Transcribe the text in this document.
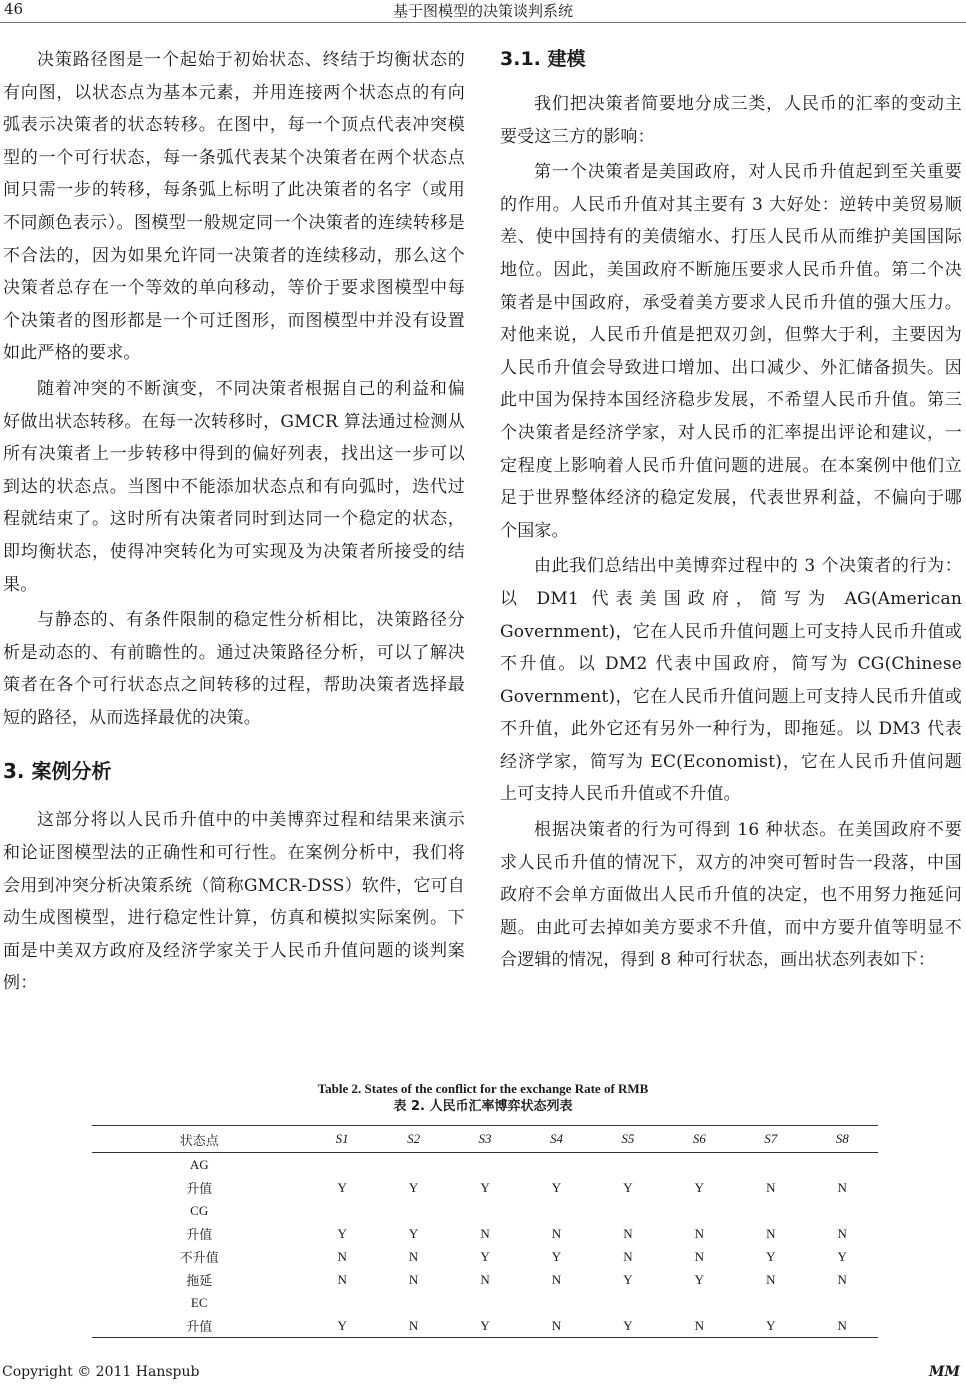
46	基于图模型的决策谈判系统

决策路径图是一个起始于初始状态、终结于均衡状态的有向图，以状态点为基本元素，并用连接两个状态点的有向弧表示决策者的状态转移。在图中，每一个顶点代表冲突模型的一个可行状态，每一条弧代表某个决策者在两个状态点间只需一步的转移，每条弧上标明了此决策者的名字（或用不同颜色表示）。图模型一般规定同一个决策者的连续转移是不合法的，因为如果允许同一决策者的连续移动，那么这个决策者总存在一个等效的单向移动，等价于要求图模型中每个决策者的图形都是一个可迁图形，而图模型中并没有设置如此严格的要求。

随着冲突的不断演变，不同决策者根据自己的利益和偏好做出状态转移。在每一次转移时，GMCR 算法通过检测从所有决策者上一步转移中得到的偏好列表，找出这一步可以到达的状态点。当图中不能添加状态点和有向弧时，迭代过程就结束了。这时所有决策者同时到达同一个稳定的状态，即均衡状态，使得冲突转化为可实现及为决策者所接受的结果。

与静态的、有条件限制的稳定性分析相比，决策路径分析是动态的、有前瞻性的。通过决策路径分析，可以了解决策者在各个可行状态点之间转移的过程，帮助决策者选择最短的路径，从而选择最优的决策。

3. 案例分析

这部分将以人民币升值中的中美博弈过程和结果来演示和论证图模型法的正确性和可行性。在案例分析中，我们将会用到冲突分析决策系统（简称GMCR-DSS）软件，它可自动生成图模型，进行稳定性计算，仿真和模拟实际案例。下面是中美双方政府及经济学家关于人民币升值问题的谈判案例：

3.1. 建模

我们把决策者简要地分成三类，人民币的汇率的变动主要受这三方的影响：

第一个决策者是美国政府，对人民币升值起到至关重要的作用。人民币升值对其主要有 3 大好处：逆转中美贸易顺差、使中国持有的美债缩水、打压人民币从而维护美国国际地位。因此，美国政府不断施压要求人民币升值。第二个决策者是中国政府，承受着美方要求人民币升值的强大压力。对他来说，人民币升值是把双刃剑，但弊大于利，主要因为人民币升值会导致进口增加、出口减少、外汇储备损失。因此中国为保持本国经济稳步发展，不希望人民币升值。第三个决策者是经济学家，对人民币的汇率提出评论和建议，一定程度上影响着人民币升值问题的进展。在本案例中他们立足于世界整体经济的稳定发展，代表世界利益，不偏向于哪个国家。

由此我们总结出中美博弈过程中的 3 个决策者的行为：以 DM1 代表美国政府，简写为 AG(American Government)，它在人民币升值问题上可支持人民币升值或不升值。以 DM2 代表中国政府，简写为 CG(Chinese Government)，它在人民币升值问题上可支持人民币升值或不升值，此外它还有另外一种行为，即拖延。以 DM3 代表经济学家，简写为 EC(Economist)，它在人民币升值问题上可支持人民币升值或不升值。

根据决策者的行为可得到 16 种状态。在美国政府不要求人民币升值的情况下，双方的冲突可暂时告一段落，中国政府不会单方面做出人民币升值的决定，也不用努力拖延问题。由此可去掉如美方要求不升值，而中方要升值等明显不合逻辑的情况，得到 8 种可行状态，画出状态列表如下：

Table 2. States of the conflict for the exchange Rate of RMB
表 2. 人民币汇率博弈状态列表
状态点	S1	S2	S3	S4	S5	S6	S7	S8
AG								
升值	Y	Y	Y	Y	Y	Y	N	N
CG								
升值	Y	Y	N	N	N	N	N	N
不升值	N	N	Y	Y	N	N	Y	Y
拖延	N	N	N	N	Y	Y	N	N
EC								
升值	Y	N	Y	N	Y	N	Y	N
Copyright © 2011 Hanspub	MM
